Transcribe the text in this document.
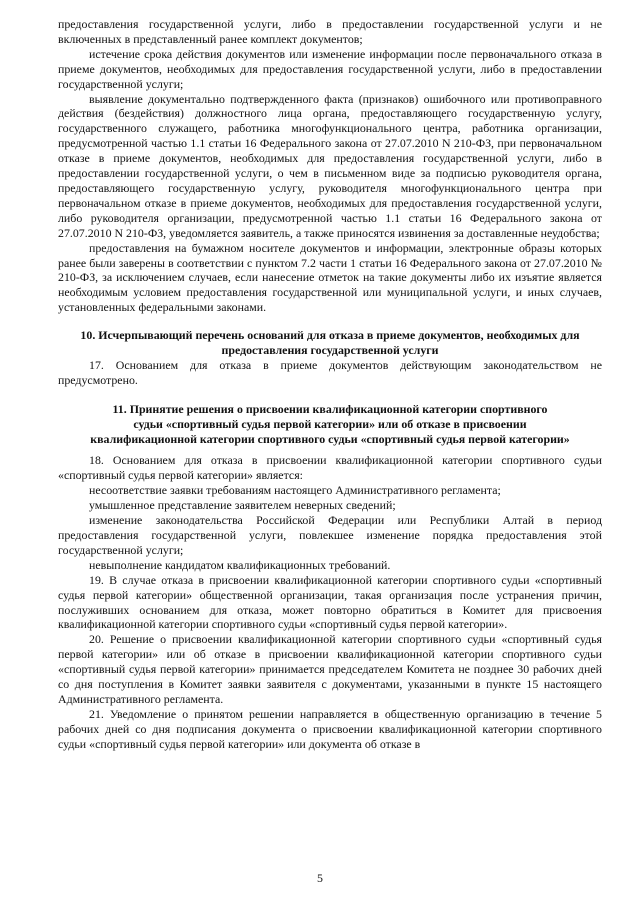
предоставления государственной услуги, либо в предоставлении государственной услуги и не включенных в представленный ранее комплект документов;

истечение срока действия документов или изменение информации после первоначального отказа в приеме документов, необходимых для предоставления государственной услуги, либо в предоставлении государственной услуги;

выявление документально подтвержденного факта (признаков) ошибочного или противоправного действия (бездействия) должностного лица органа, предоставляющего государственную услугу, государственного служащего, работника многофункционального центра, работника организации, предусмотренной частью 1.1 статьи 16 Федерального закона от 27.07.2010 N 210-ФЗ, при первоначальном отказе в приеме документов, необходимых для предоставления государственной услуги, либо в предоставлении государственной услуги, о чем в письменном виде за подписью руководителя органа, предоставляющего государственную услугу, руководителя многофункционального центра при первоначальном отказе в приеме документов, необходимых для предоставления государственной услуги, либо руководителя организации, предусмотренной частью 1.1 статьи 16 Федерального закона от 27.07.2010 N 210-ФЗ, уведомляется заявитель, а также приносятся извинения за доставленные неудобства;

предоставления на бумажном носителе документов и информации, электронные образы которых ранее были заверены в соответствии с пунктом 7.2 части 1 статьи 16 Федерального закона от 27.07.2010 № 210-ФЗ, за исключением случаев, если нанесение отметок на такие документы либо их изъятие является необходимым условием предоставления государственной или муниципальной услуги, и иных случаев, установленных федеральными законами.

10. Исчерпывающий перечень оснований для отказа в приеме документов, необходимых для предоставления государственной услуги

17. Основанием для отказа в приеме документов действующим законодательством не предусмотрено.

11. Принятие решения о присвоении квалификационной категории спортивного

судьи «спортивный судья первой категории» или об отказе в присвоении

квалификационной категории спортивного судьи «спортивный судья первой категории»

18. Основанием для отказа в присвоении квалификационной категории спортивного судьи «спортивный судья первой категории» является:

несоответствие заявки требованиям настоящего Административного регламента;

умышленное представление заявителем неверных сведений;

изменение законодательства Российской Федерации или Республики Алтай в период предоставления государственной услуги, повлекшее изменение порядка предоставления этой государственной услуги;

невыполнение кандидатом квалификационных требований.

19. В случае отказа в присвоении квалификационной категории спортивного судьи «спортивный судья первой категории» общественной организации, такая организация после устранения причин, послуживших основанием для отказа, может повторно обратиться в Комитет для присвоения квалификационной категории спортивного судьи «спортивный судья первой категории».

20. Решение о присвоении квалификационной категории спортивного судьи «спортивный судья первой категории» или об отказе в присвоении квалификационной категории спортивного судьи «спортивный судья первой категории» принимается председателем Комитета не позднее 30 рабочих дней со дня поступления в Комитет заявки заявителя с документами, указанными в пункте 15 настоящего Административного регламента.

21. Уведомление о принятом решении направляется в общественную организацию в течение 5 рабочих дней со дня подписания документа о присвоении квалификационной категории спортивного судьи «спортивный судья первой категории» или документа об отказе в

5
